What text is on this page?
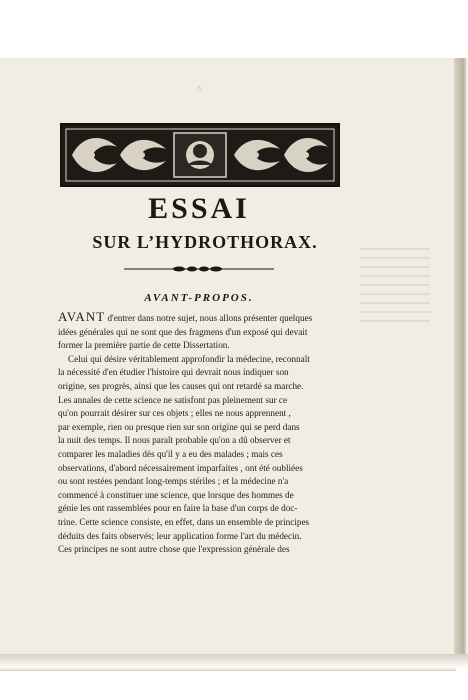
8
ESSAI
SUR L’HYDROTHORAX.
AVANT-PROPOS.
AVANT d'entrer dans notre sujet, nous allons présenter quelques
idées générales qui ne sont que des fragmens d'un exposé qui devait
former la première partie de cette Dissertation.
Celui qui désire véritablement approfondir la médecine, reconnaît
la nécessité d'en étudier l'histoire qui devrait nous indiquer son
origine, ses progrès, ainsi que les causes qui ont retardé sa marche.
Les annales de cette science ne satisfont pas pleinement sur ce
qu'on pourrait désirer sur ces objets ; elles ne nous apprennent ,
par exemple, rien ou presque rien sur son origine qui se perd dans
la nuit des temps. Il nous paraît probable qu'on a dû observer et
comparer les maladies dès qu'il y a eu des malades ; mais ces
observations, d'abord nécessairement imparfaites , ont été oubliées
ou sont restées pendant long-temps stériles ; et la médecine n'a
commencé à constituer une science, que lorsque des hommes de
génie les ont rassemblées pour en faire la base d'un corps de doc-
trine. Cette science consiste, en effet, dans un ensemble de principes
déduits des faits observés; leur application forme l'art du médecin.
Ces principes ne sont autre chose que l'expression générale des
